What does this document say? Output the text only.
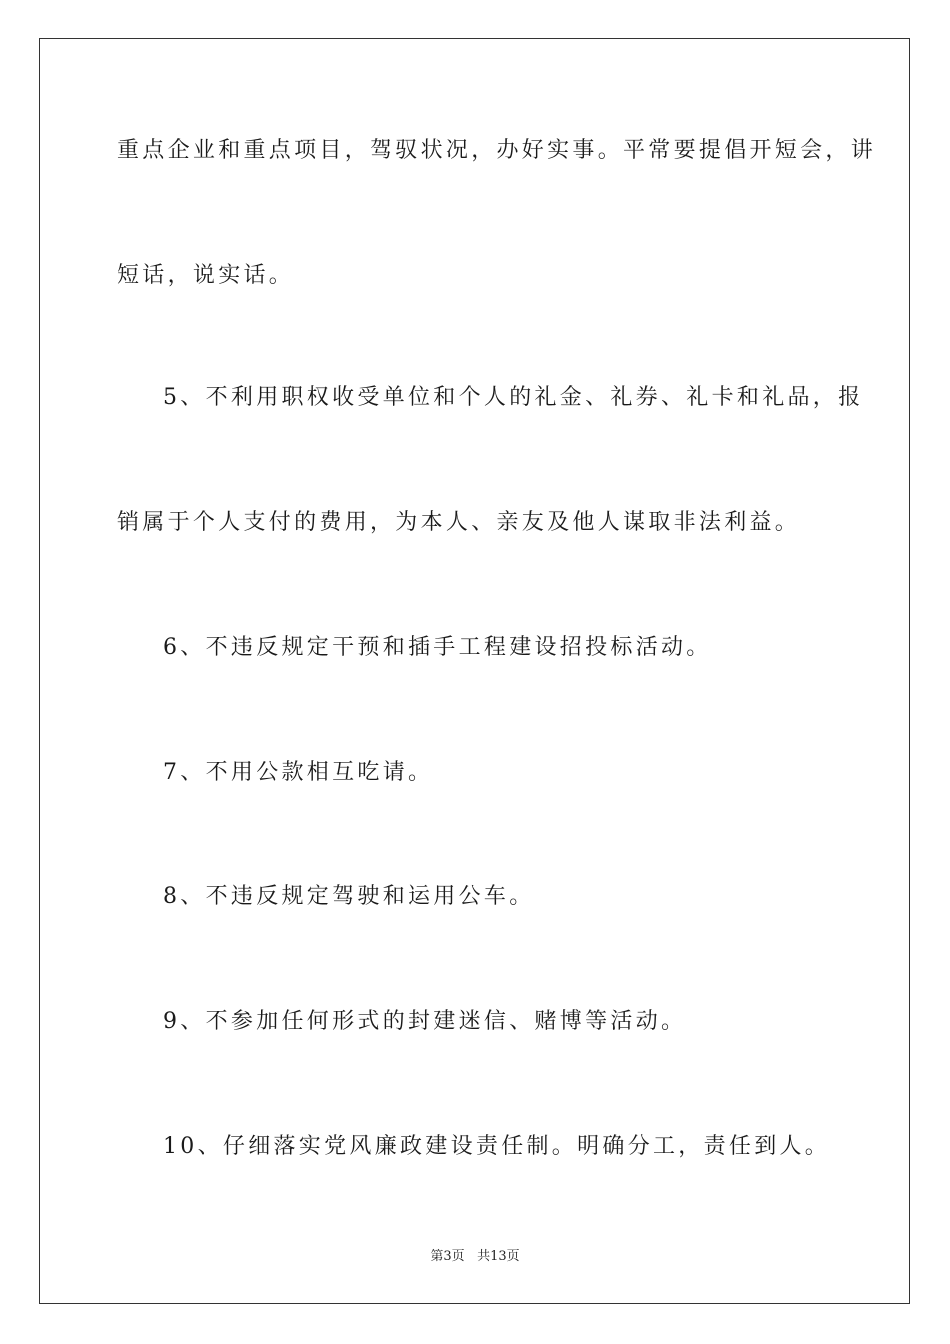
重点企业和重点项目，驾驭状况，办好实事。平常要提倡开短会，讲
短话，说实话。
5、不利用职权收受单位和个人的礼金、礼券、礼卡和礼品，报
销属于个人支付的费用，为本人、亲友及他人谋取非法利益。
6、不违反规定干预和插手工程建设招投标活动。
7、不用公款相互吃请。
8、不违反规定驾驶和运用公车。
9、不参加任何形式的封建迷信、赌博等活动。
10、仔细落实党风廉政建设责任制。明确分工，责任到人。
第3页 共13页
